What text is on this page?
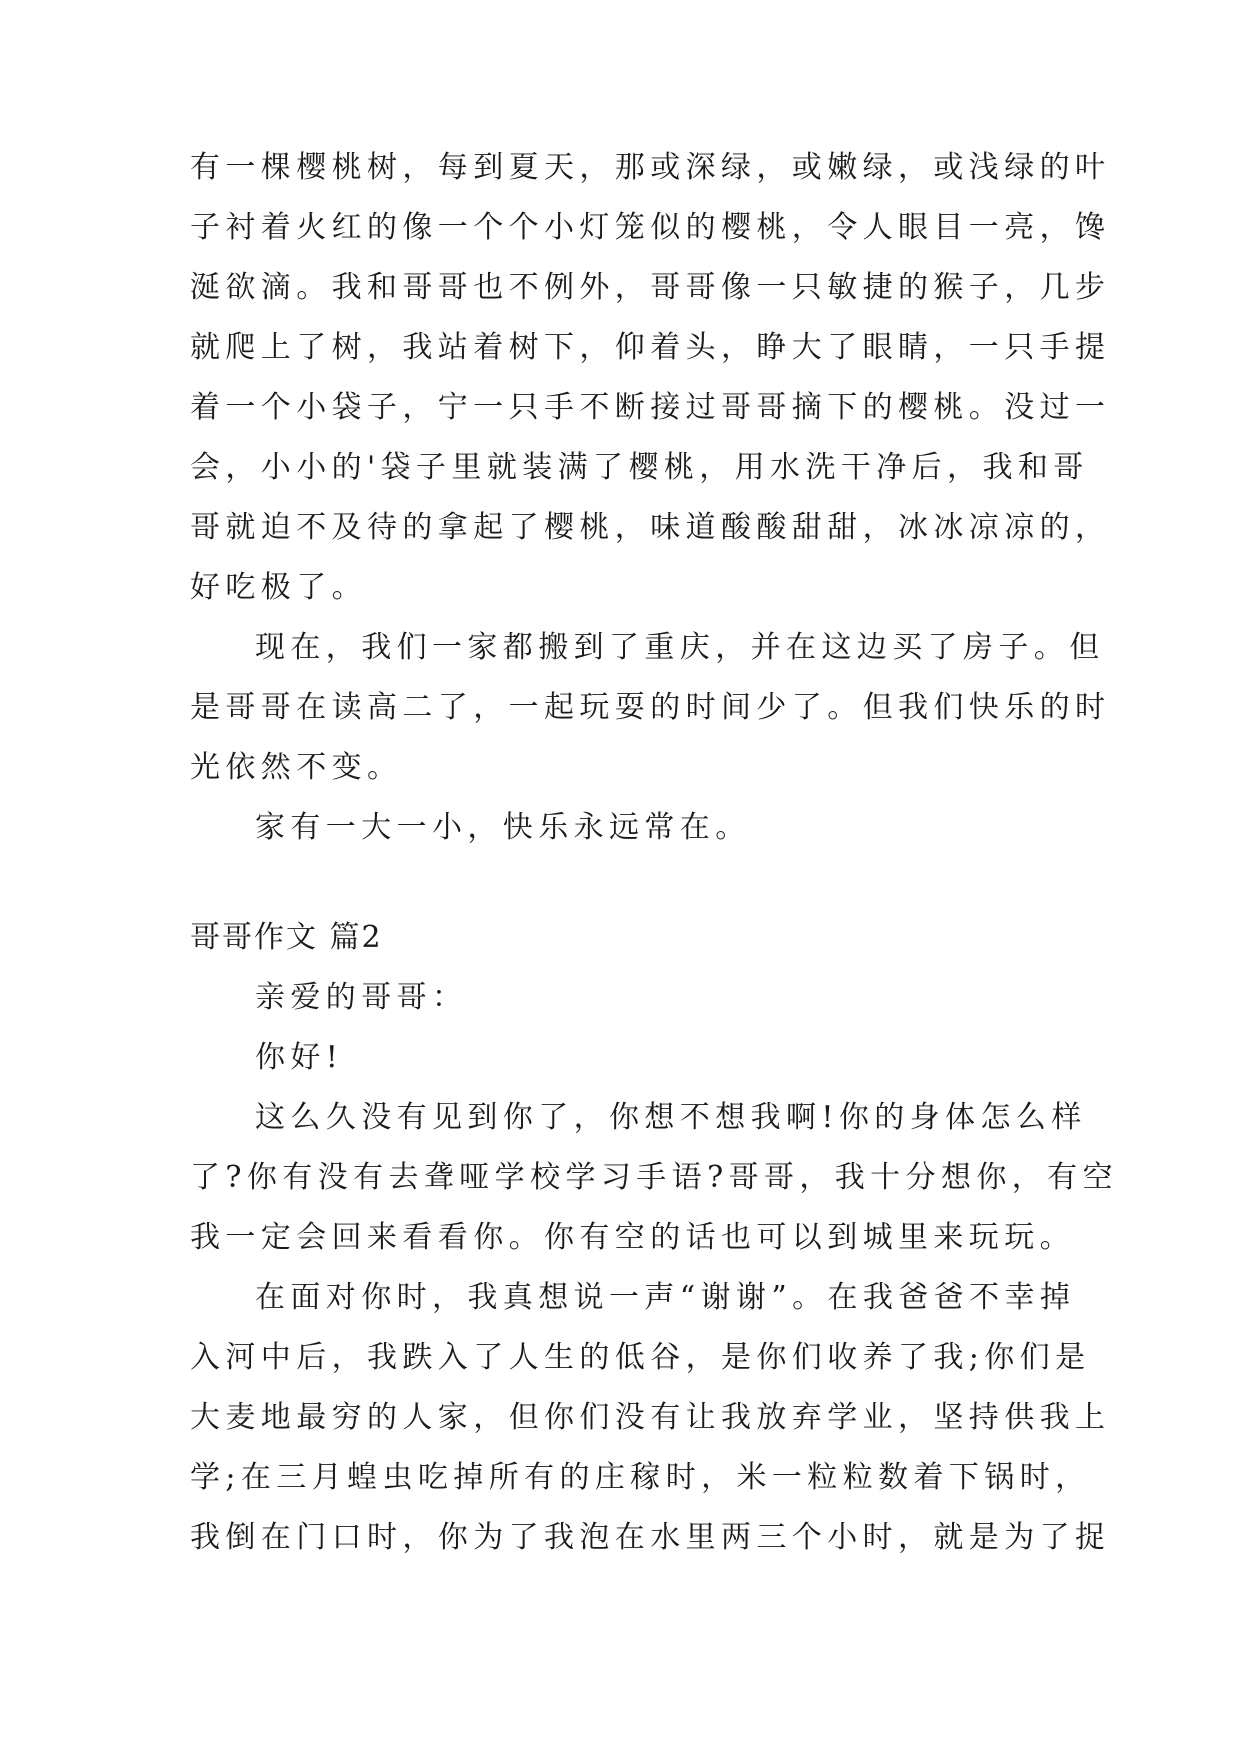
有一棵樱桃树，每到夏天，那或深绿，或嫩绿，或浅绿的叶
子衬着火红的像一个个小灯笼似的樱桃，令人眼目一亮，馋
涎欲滴。我和哥哥也不例外，哥哥像一只敏捷的猴子，几步
就爬上了树，我站着树下，仰着头，睁大了眼睛，一只手提
着一个小袋子，宁一只手不断接过哥哥摘下的樱桃。没过一
会，小小的'袋子里就装满了樱桃，用水洗干净后，我和哥
哥就迫不及待的拿起了樱桃，味道酸酸甜甜，冰冰凉凉的，
好吃极了。
现在，我们一家都搬到了重庆，并在这边买了房子。但
是哥哥在读高二了，一起玩耍的时间少了。但我们快乐的时
光依然不变。
家有一大一小，快乐永远常在。
哥哥作文 篇2
亲爱的哥哥：
你好!
这么久没有见到你了，你想不想我啊!你的身体怎么样
了?你有没有去聋哑学校学习手语?哥哥，我十分想你，有空
我一定会回来看看你。你有空的话也可以到城里来玩玩。
在面对你时，我真想说一声“谢谢”。在我爸爸不幸掉
入河中后，我跌入了人生的低谷，是你们收养了我;你们是
大麦地最穷的人家，但你们没有让我放弃学业，坚持供我上
学;在三月蝗虫吃掉所有的庄稼时，米一粒粒数着下锅时，
我倒在门口时，你为了我泡在水里两三个小时，就是为了捉
